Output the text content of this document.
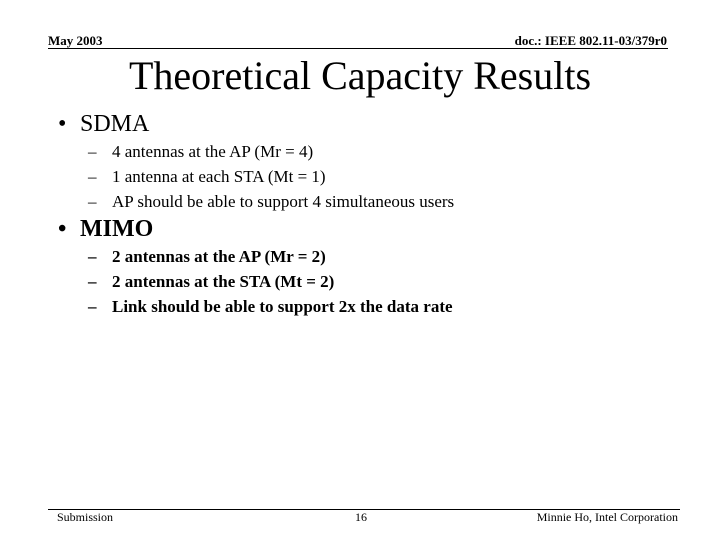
May 2003	doc.: IEEE 802.11-03/379r0
Theoretical Capacity Results
• SDMA
– 4 antennas at the AP (Mr = 4)
– 1 antenna at each STA (Mt = 1)
– AP should be able to support 4 simultaneous users
• MIMO
– 2 antennas at the AP (Mr = 2)
– 2 antennas at the STA (Mt = 2)
– Link should be able to support 2x the data rate
Submission	16	Minnie Ho, Intel Corporation
